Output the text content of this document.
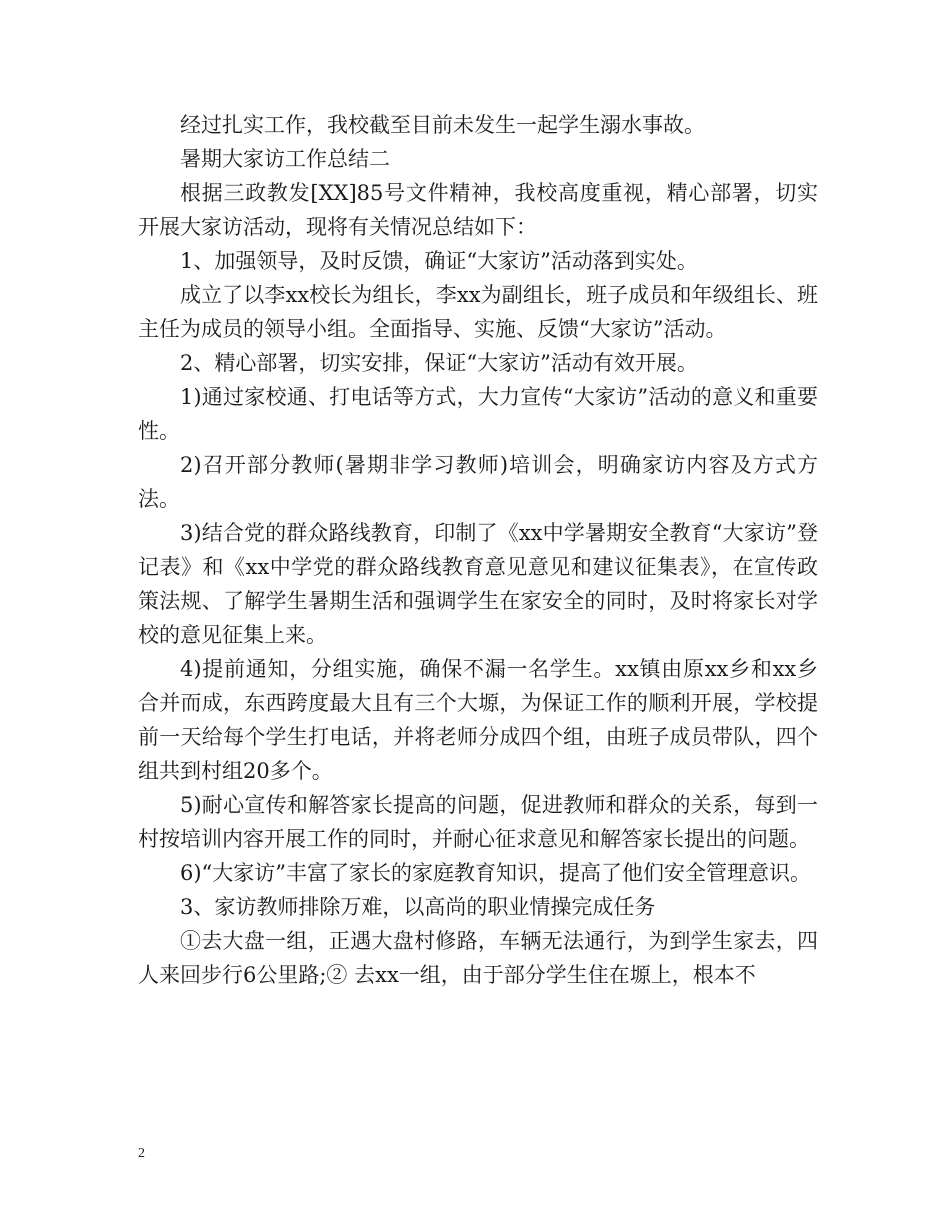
经过扎实工作，我校截至目前未发生一起学生溺水事故。

暑期大家访工作总结二

根据三政教发[XX]85号文件精神，我校高度重视，精心部署，切实开展大家访活动，现将有关情况总结如下：

1、加强领导，及时反馈，确证“大家访”活动落到实处。

成立了以李xx校长为组长，李xx为副组长，班子成员和年级组长、班主任为成员的领导小组。全面指导、实施、反馈“大家访”活动。

2、精心部署，切实安排，保证“大家访”活动有效开展。

1)通过家校通、打电话等方式，大力宣传“大家访”活动的意义和重要性。

2)召开部分教师(暑期非学习教师)培训会，明确家访内容及方式方法。

3)结合党的群众路线教育，印制了《xx中学暑期安全教育“大家访”登记表》和《xx中学党的群众路线教育意见意见和建议征集表》，在宣传政策法规、了解学生暑期生活和强调学生在家安全的同时，及时将家长对学校的意见征集上来。

4)提前通知，分组实施，确保不漏一名学生。xx镇由原xx乡和xx乡合并而成，东西跨度最大且有三个大塬，为保证工作的顺利开展，学校提前一天给每个学生打电话，并将老师分成四个组，由班子成员带队，四个组共到村组20多个。

5)耐心宣传和解答家长提高的问题，促进教师和群众的关系，每到一村按培训内容开展工作的同时，并耐心征求意见和解答家长提出的问题。

6)“大家访”丰富了家长的家庭教育知识，提高了他们安全管理意识。

3、家访教师排除万难，以高尚的职业情操完成任务

①去大盘一组，正遇大盘村修路，车辆无法通行，为到学生家去，四人来回步行6公里路;② 去xx一组，由于部分学生住在塬上，根本不

2
